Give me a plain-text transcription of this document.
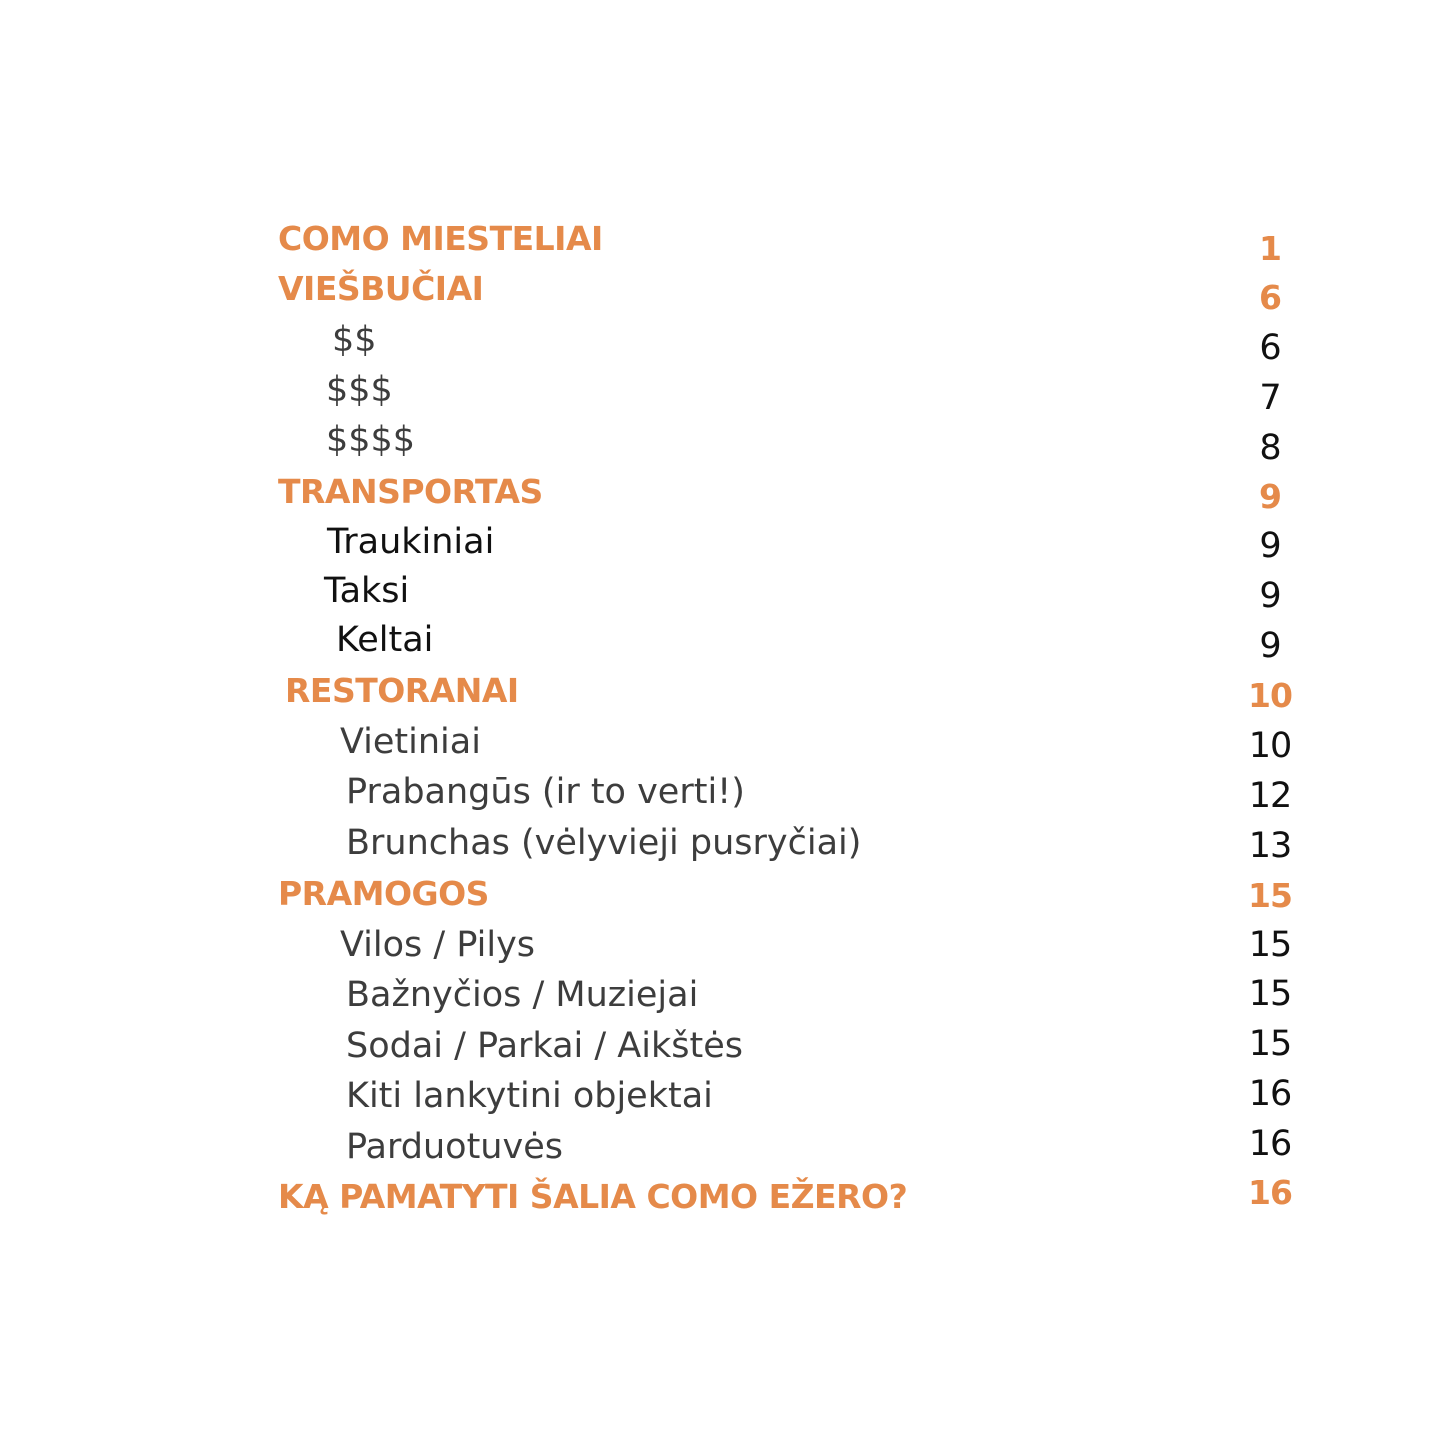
COMO MIESTELIAI	1
VIEŠBUČIAI	6
$$	6
$$$	7
$$$$	8
TRANSPORTAS	9
Traukiniai	9
Taksi	9
Keltai	9
RESTORANAI	10
Vietiniai	10
Prabangūs (ir to verti!)	12
Brunchas (vėlyvieji pusryčiai)	13
PRAMOGOS	15
Vilos / Pilys	15
Bažnyčios / Muziejai	15
Sodai / Parkai / Aikštės	15
Kiti lankytini objektai	16
Parduotuvės	16
KĄ PAMATYTI ŠALIA COMO EŽERO?	16
